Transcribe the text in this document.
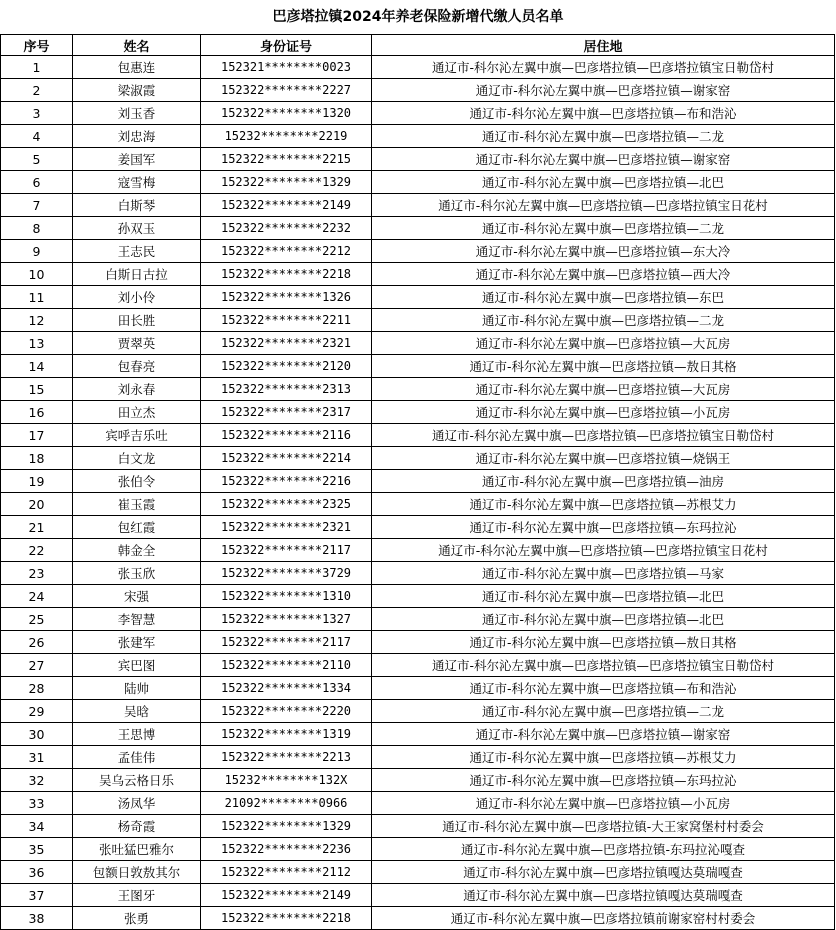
巴彦塔拉镇2024年养老保险新增代缴人员名单
序号	姓名	身份证号	居住地
1	包惠连	152321********0023	通辽市-科尔沁左翼中旗—巴彦塔拉镇—巴彦塔拉镇宝日勒岱村
2	梁淑霞	152322********2227	通辽市-科尔沁左翼中旗—巴彦塔拉镇—谢家窑
3	刘玉香	152322********1320	通辽市-科尔沁左翼中旗—巴彦塔拉镇—布和浩沁
4	刘忠海	15232********2219	通辽市-科尔沁左翼中旗—巴彦塔拉镇—二龙
5	姜国军	152322********2215	通辽市-科尔沁左翼中旗—巴彦塔拉镇—谢家窑
6	寇雪梅	152322********1329	通辽市-科尔沁左翼中旗—巴彦塔拉镇—北巴
7	白斯琴	152322********2149	通辽市-科尔沁左翼中旗—巴彦塔拉镇—巴彦塔拉镇宝日花村
8	孙双玉	152322********2232	通辽市-科尔沁左翼中旗—巴彦塔拉镇—二龙
9	王志民	152322********2212	通辽市-科尔沁左翼中旗—巴彦塔拉镇—东大冷
10	白斯日古拉	152322********2218	通辽市-科尔沁左翼中旗—巴彦塔拉镇—西大冷
11	刘小伶	152322********1326	通辽市-科尔沁左翼中旗—巴彦塔拉镇—东巴
12	田长胜	152322********2211	通辽市-科尔沁左翼中旗—巴彦塔拉镇—二龙
13	贾翠英	152322********2321	通辽市-科尔沁左翼中旗—巴彦塔拉镇—大瓦房
14	包春亮	152322********2120	通辽市-科尔沁左翼中旗—巴彦塔拉镇—敖日其格
15	刘永春	152322********2313	通辽市-科尔沁左翼中旗—巴彦塔拉镇—大瓦房
16	田立杰	152322********2317	通辽市-科尔沁左翼中旗—巴彦塔拉镇—小瓦房
17	宾呼吉乐吐	152322********2116	通辽市-科尔沁左翼中旗—巴彦塔拉镇—巴彦塔拉镇宝日勒岱村
18	白文龙	152322********2214	通辽市-科尔沁左翼中旗—巴彦塔拉镇—烧锅王
19	张伯令	152322********2216	通辽市-科尔沁左翼中旗—巴彦塔拉镇—油房
20	崔玉霞	152322********2325	通辽市-科尔沁左翼中旗—巴彦塔拉镇—苏根艾力
21	包红霞	152322********2321	通辽市-科尔沁左翼中旗—巴彦塔拉镇—东玛拉沁
22	韩金全	152322********2117	通辽市-科尔沁左翼中旗—巴彦塔拉镇—巴彦塔拉镇宝日花村
23	张玉欣	152322********3729	通辽市-科尔沁左翼中旗—巴彦塔拉镇—马家
24	宋强	152322********1310	通辽市-科尔沁左翼中旗—巴彦塔拉镇—北巴
25	李智慧	152322********1327	通辽市-科尔沁左翼中旗—巴彦塔拉镇—北巴
26	张建军	152322********2117	通辽市-科尔沁左翼中旗—巴彦塔拉镇—敖日其格
27	宾巴图	152322********2110	通辽市-科尔沁左翼中旗—巴彦塔拉镇—巴彦塔拉镇宝日勒岱村
28	陆帅	152322********1334	通辽市-科尔沁左翼中旗—巴彦塔拉镇—布和浩沁
29	吴晗	152322********2220	通辽市-科尔沁左翼中旗—巴彦塔拉镇—二龙
30	王思博	152322********1319	通辽市-科尔沁左翼中旗—巴彦塔拉镇—谢家窑
31	孟佳伟	152322********2213	通辽市-科尔沁左翼中旗—巴彦塔拉镇—苏根艾力
32	吴乌云格日乐	15232********132X	通辽市-科尔沁左翼中旗—巴彦塔拉镇—东玛拉沁
33	汤凤华	21092********0966	通辽市-科尔沁左翼中旗—巴彦塔拉镇—小瓦房
34	杨奇霞	152322********1329	通辽市-科尔沁左翼中旗—巴彦塔拉镇-大王家窝堡村村委会
35	张吐猛巴雅尔	152322********2236	通辽市-科尔沁左翼中旗—巴彦塔拉镇-东玛拉沁嘎查
36	包额日敦敖其尔	152322********2112	通辽市-科尔沁左翼中旗—巴彦塔拉镇嘎达莫瑞嘎查
37	王图牙	152322********2149	通辽市-科尔沁左翼中旗—巴彦塔拉镇嘎达莫瑞嘎查
38	张勇	152322********2218	通辽市-科尔沁左翼中旗—巴彦塔拉镇前谢家窑村村委会
